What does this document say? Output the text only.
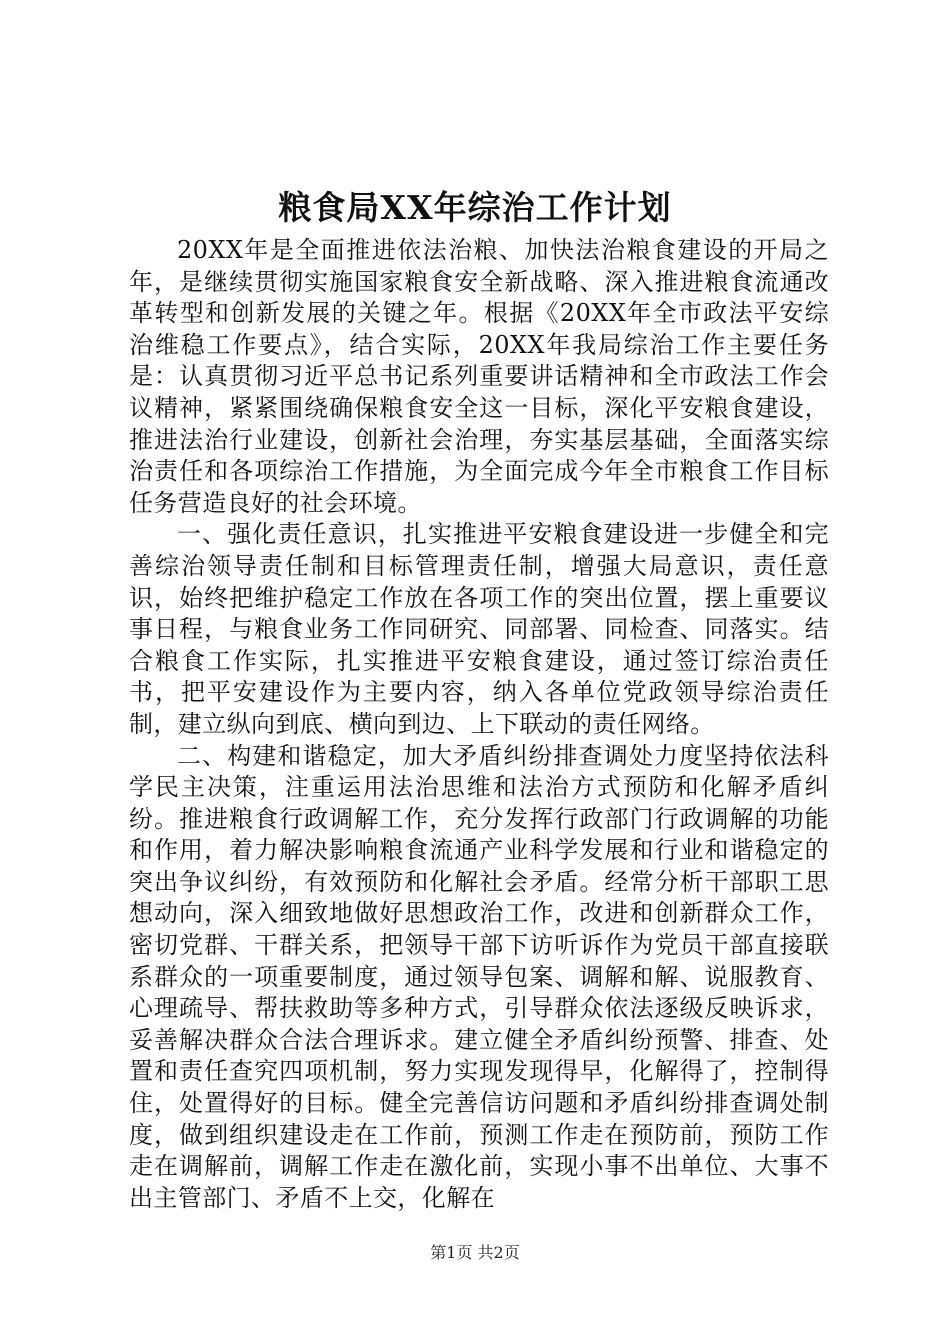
粮食局XX年综治工作计划

20XX年是全面推进依法治粮、加快法治粮食建设的开局之年，是继续贯彻实施国家粮食安全新战略、深入推进粮食流通改革转型和创新发展的关键之年。根据《20XX年全市政法平安综治维稳工作要点》，结合实际，20XX年我局综治工作主要任务是：认真贯彻习近平总书记系列重要讲话精神和全市政法工作会议精神，紧紧围绕确保粮食安全这一目标，深化平安粮食建设，推进法治行业建设，创新社会治理，夯实基层基础，全面落实综治责任和各项综治工作措施，为全面完成今年全市粮食工作目标任务营造良好的社会环境。

一、强化责任意识，扎实推进平安粮食建设进一步健全和完善综治领导责任制和目标管理责任制，增强大局意识，责任意识，始终把维护稳定工作放在各项工作的突出位置，摆上重要议事日程，与粮食业务工作同研究、同部署、同检查、同落实。结合粮食工作实际，扎实推进平安粮食建设，通过签订综治责任书，把平安建设作为主要内容，纳入各单位党政领导综治责任制，建立纵向到底、横向到边、上下联动的责任网络。

二、构建和谐稳定，加大矛盾纠纷排查调处力度坚持依法科学民主决策，注重运用法治思维和法治方式预防和化解矛盾纠纷。推进粮食行政调解工作，充分发挥行政部门行政调解的功能和作用，着力解决影响粮食流通产业科学发展和行业和谐稳定的突出争议纠纷，有效预防和化解社会矛盾。经常分析干部职工思想动向，深入细致地做好思想政治工作，改进和创新群众工作，密切党群、干群关系，把领导干部下访听诉作为党员干部直接联系群众的一项重要制度，通过领导包案、调解和解、说服教育、心理疏导、帮扶救助等多种方式，引导群众依法逐级反映诉求，妥善解决群众合法合理诉求。建立健全矛盾纠纷预警、排查、处置和责任查究四项机制，努力实现发现得早，化解得了，控制得住，处置得好的目标。健全完善信访问题和矛盾纠纷排查调处制度，做到组织建设走在工作前，预测工作走在预防前，预防工作走在调解前，调解工作走在激化前，实现小事不出单位、大事不出主管部门、矛盾不上交，化解在

第1页 共2页
